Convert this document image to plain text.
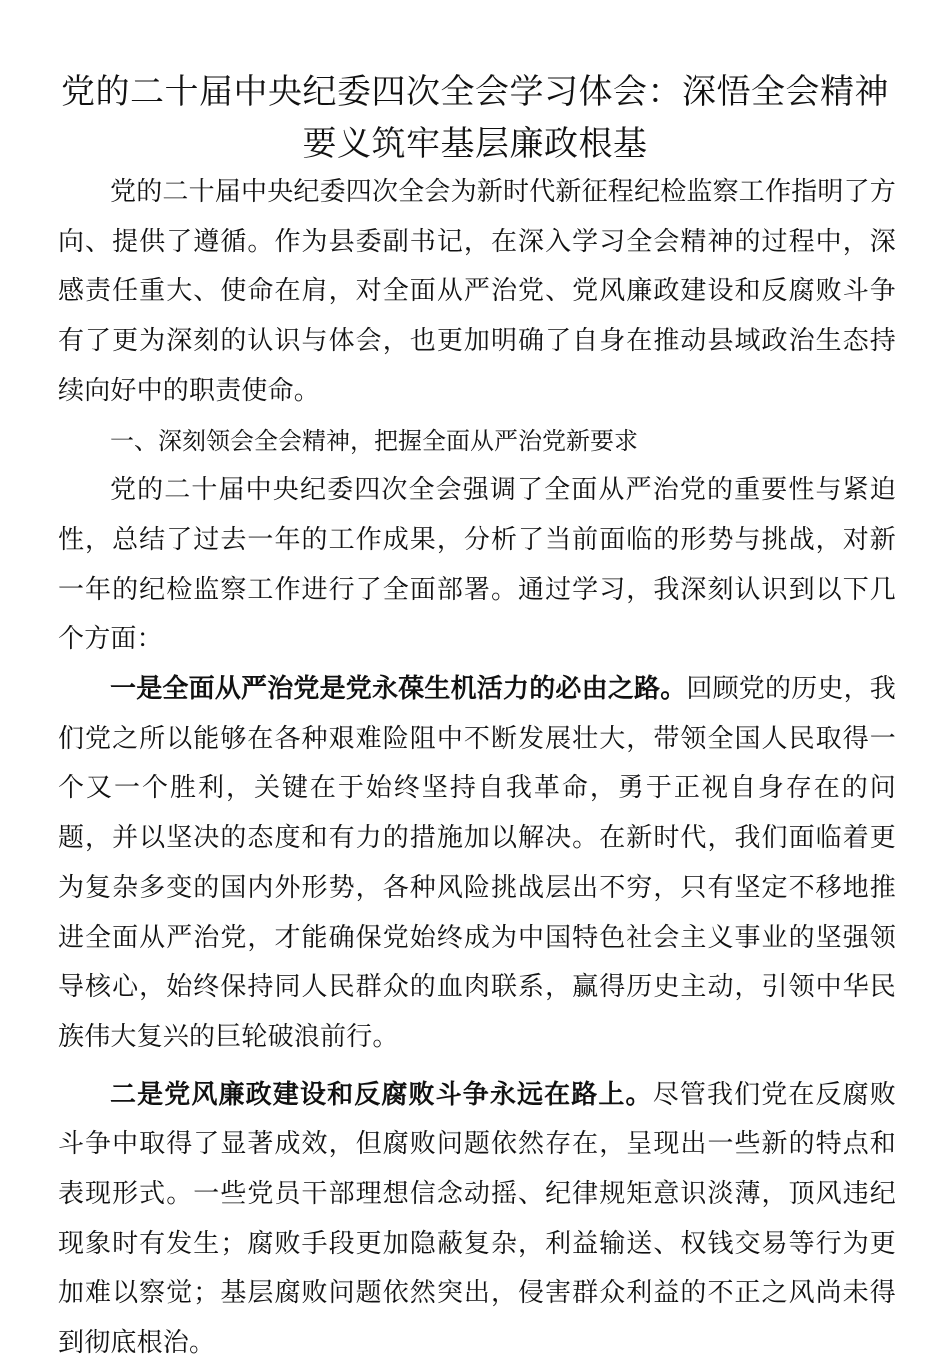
党的二十届中央纪委四次全会学习体会：深悟全会精神要义筑牢基层廉政根基

党的二十届中央纪委四次全会为新时代新征程纪检监察工作指明了方向、提供了遵循。作为县委副书记，在深入学习全会精神的过程中，深感责任重大、使命在肩，对全面从严治党、党风廉政建设和反腐败斗争有了更为深刻的认识与体会，也更加明确了自身在推动县域政治生态持续向好中的职责使命。

一、深刻领会全会精神，把握全面从严治党新要求

党的二十届中央纪委四次全会强调了全面从严治党的重要性与紧迫性，总结了过去一年的工作成果，分析了当前面临的形势与挑战，对新一年的纪检监察工作进行了全面部署。通过学习，我深刻认识到以下几个方面：

一是全面从严治党是党永葆生机活力的必由之路。回顾党的历史，我们党之所以能够在各种艰难险阻中不断发展壮大，带领全国人民取得一个又一个胜利，关键在于始终坚持自我革命，勇于正视自身存在的问题，并以坚决的态度和有力的措施加以解决。在新时代，我们面临着更为复杂多变的国内外形势，各种风险挑战层出不穷，只有坚定不移地推进全面从严治党，才能确保党始终成为中国特色社会主义事业的坚强领导核心，始终保持同人民群众的血肉联系，赢得历史主动，引领中华民族伟大复兴的巨轮破浪前行。

二是党风廉政建设和反腐败斗争永远在路上。尽管我们党在反腐败斗争中取得了显著成效，但腐败问题依然存在，呈现出一些新的特点和表现形式。一些党员干部理想信念动摇、纪律规矩意识淡薄，顶风违纪现象时有发生；腐败手段更加隐蔽复杂，利益输送、权钱交易等行为更加难以察觉；基层腐败问题依然突出，侵害群众利益的不正之风尚未得到彻底根治。
